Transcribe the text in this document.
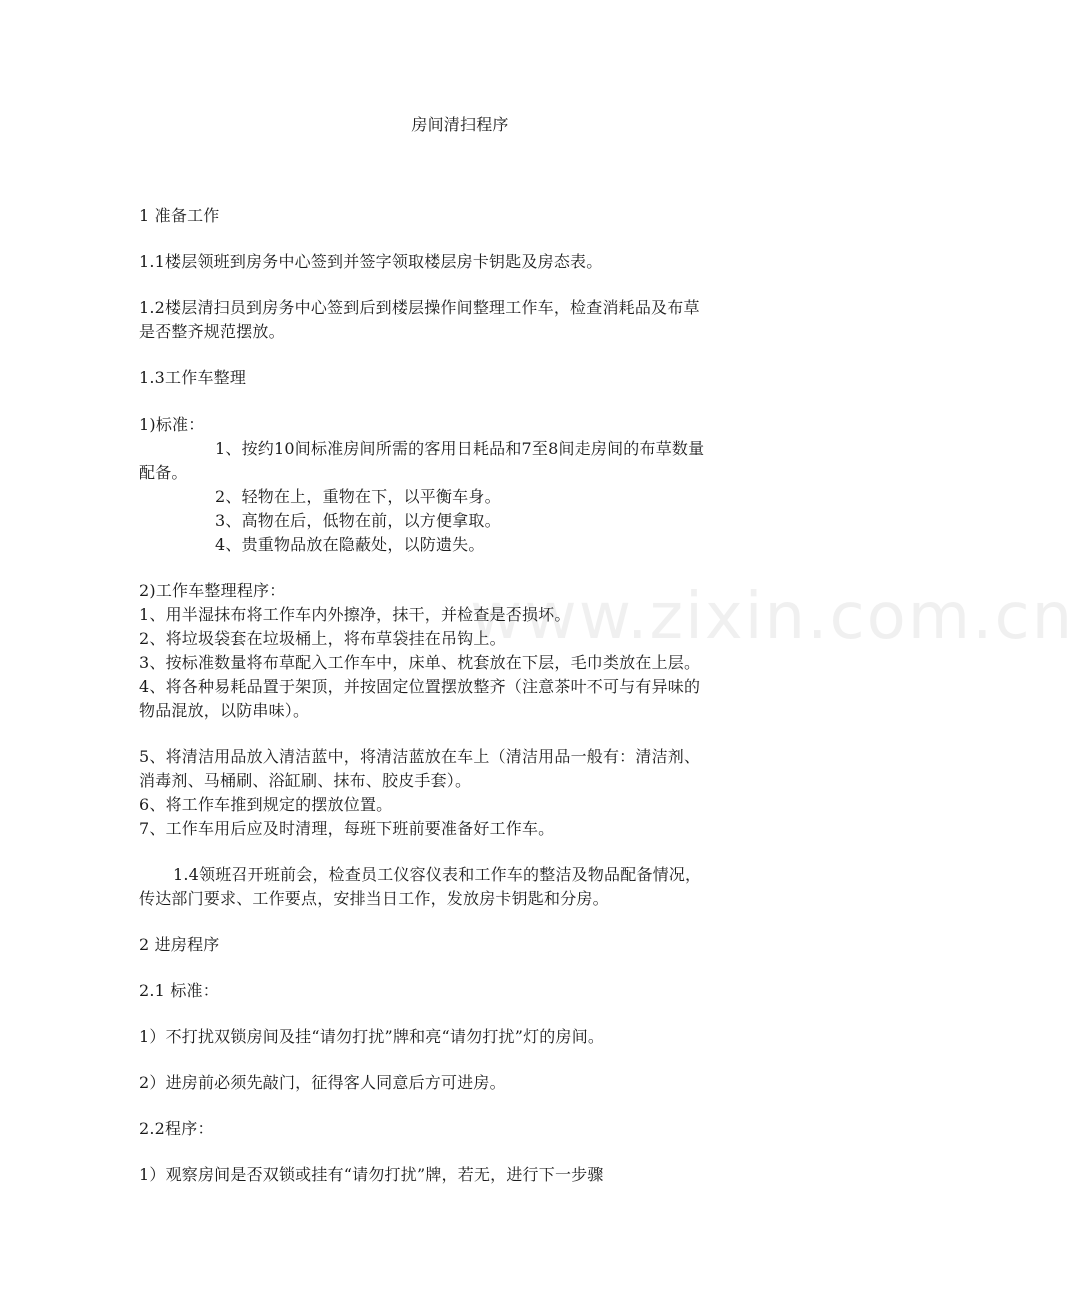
www.zixin.com.cn
房间清扫程序
1 准备工作
1.1楼层领班到房务中心签到并签字领取楼层房卡钥匙及房态表。
1.2楼层清扫员到房务中心签到后到楼层操作间整理工作车，检查消耗品及布草
是否整齐规范摆放。
1.3工作车整理
1)标准：
1、按约10间标准房间所需的客用日耗品和7至8间走房间的布草数量
配备。
2、轻物在上，重物在下，以平衡车身。
3、高物在后，低物在前，以方便拿取。
4、贵重物品放在隐蔽处，以防遗失。
2)工作车整理程序：
1、用半湿抹布将工作车内外擦净，抹干，并检查是否损坏。
2、将垃圾袋套在垃圾桶上，将布草袋挂在吊钩上。
3、按标准数量将布草配入工作车中，床单、枕套放在下层，毛巾类放在上层。
4、将各种易耗品置于架顶，并按固定位置摆放整齐（注意茶叶不可与有异味的
物品混放，以防串味）。
5、将清洁用品放入清洁蓝中，将清洁蓝放在车上（清洁用品一般有：清洁剂、
消毒剂、马桶刷、浴缸刷、抹布、胶皮手套）。
6、将工作车推到规定的摆放位置。
7、工作车用后应及时清理，每班下班前要准备好工作车。
1.4领班召开班前会，检查员工仪容仪表和工作车的整洁及物品配备情况，
传达部门要求、工作要点，安排当日工作，发放房卡钥匙和分房。
2 进房程序
2.1 标准：
1）不打扰双锁房间及挂“请勿打扰”牌和亮“请勿打扰”灯的房间。
2）进房前必须先敲门，征得客人同意后方可进房。
2.2程序：
1）观察房间是否双锁或挂有“请勿打扰”牌，若无，进行下一步骤
